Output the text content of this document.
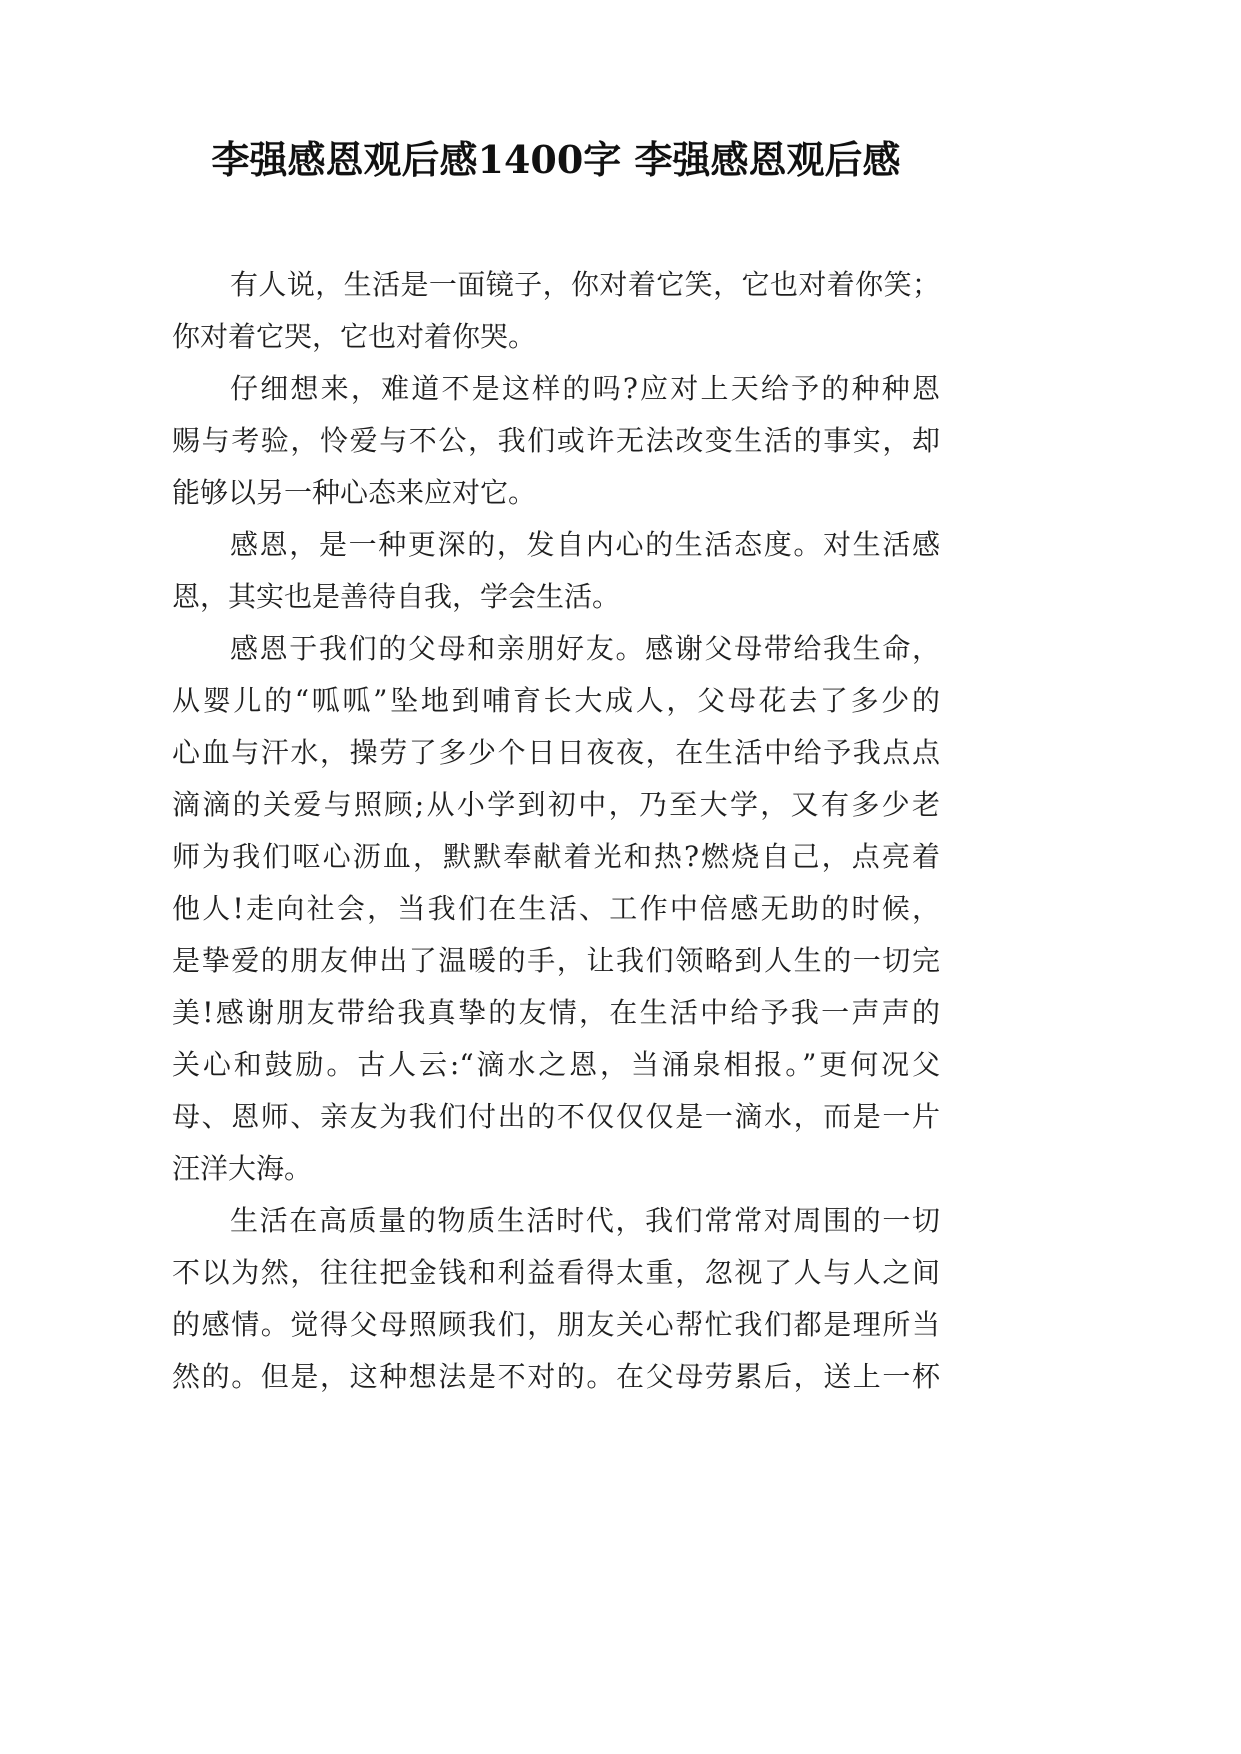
李强感恩观后感1400字 李强感恩观后感
有人说，生活是一面镜子，你对着它笑，它也对着你笑；
你对着它哭，它也对着你哭。
仔细想来，难道不是这样的吗?应对上天给予的种种恩
赐与考验，怜爱与不公，我们或许无法改变生活的事实，却
能够以另一种心态来应对它。
感恩，是一种更深的，发自内心的生活态度。对生活感
恩，其实也是善待自我，学会生活。
感恩于我们的父母和亲朋好友。感谢父母带给我生命，
从婴儿的“呱呱”坠地到哺育长大成人，父母花去了多少的
心血与汗水，操劳了多少个日日夜夜，在生活中给予我点点
滴滴的关爱与照顾;从小学到初中，乃至大学，又有多少老
师为我们呕心沥血，默默奉献着光和热?燃烧自己，点亮着
他人!走向社会，当我们在生活、工作中倍感无助的时候，
是挚爱的朋友伸出了温暖的手，让我们领略到人生的一切完
美!感谢朋友带给我真挚的友情，在生活中给予我一声声的
关心和鼓励。古人云:“滴水之恩，当涌泉相报。”更何况父
母、恩师、亲友为我们付出的不仅仅仅是一滴水，而是一片
汪洋大海。
生活在高质量的物质生活时代，我们常常对周围的一切
不以为然，往往把金钱和利益看得太重，忽视了人与人之间
的感情。觉得父母照顾我们，朋友关心帮忙我们都是理所当
然的。但是，这种想法是不对的。在父母劳累后，送上一杯
